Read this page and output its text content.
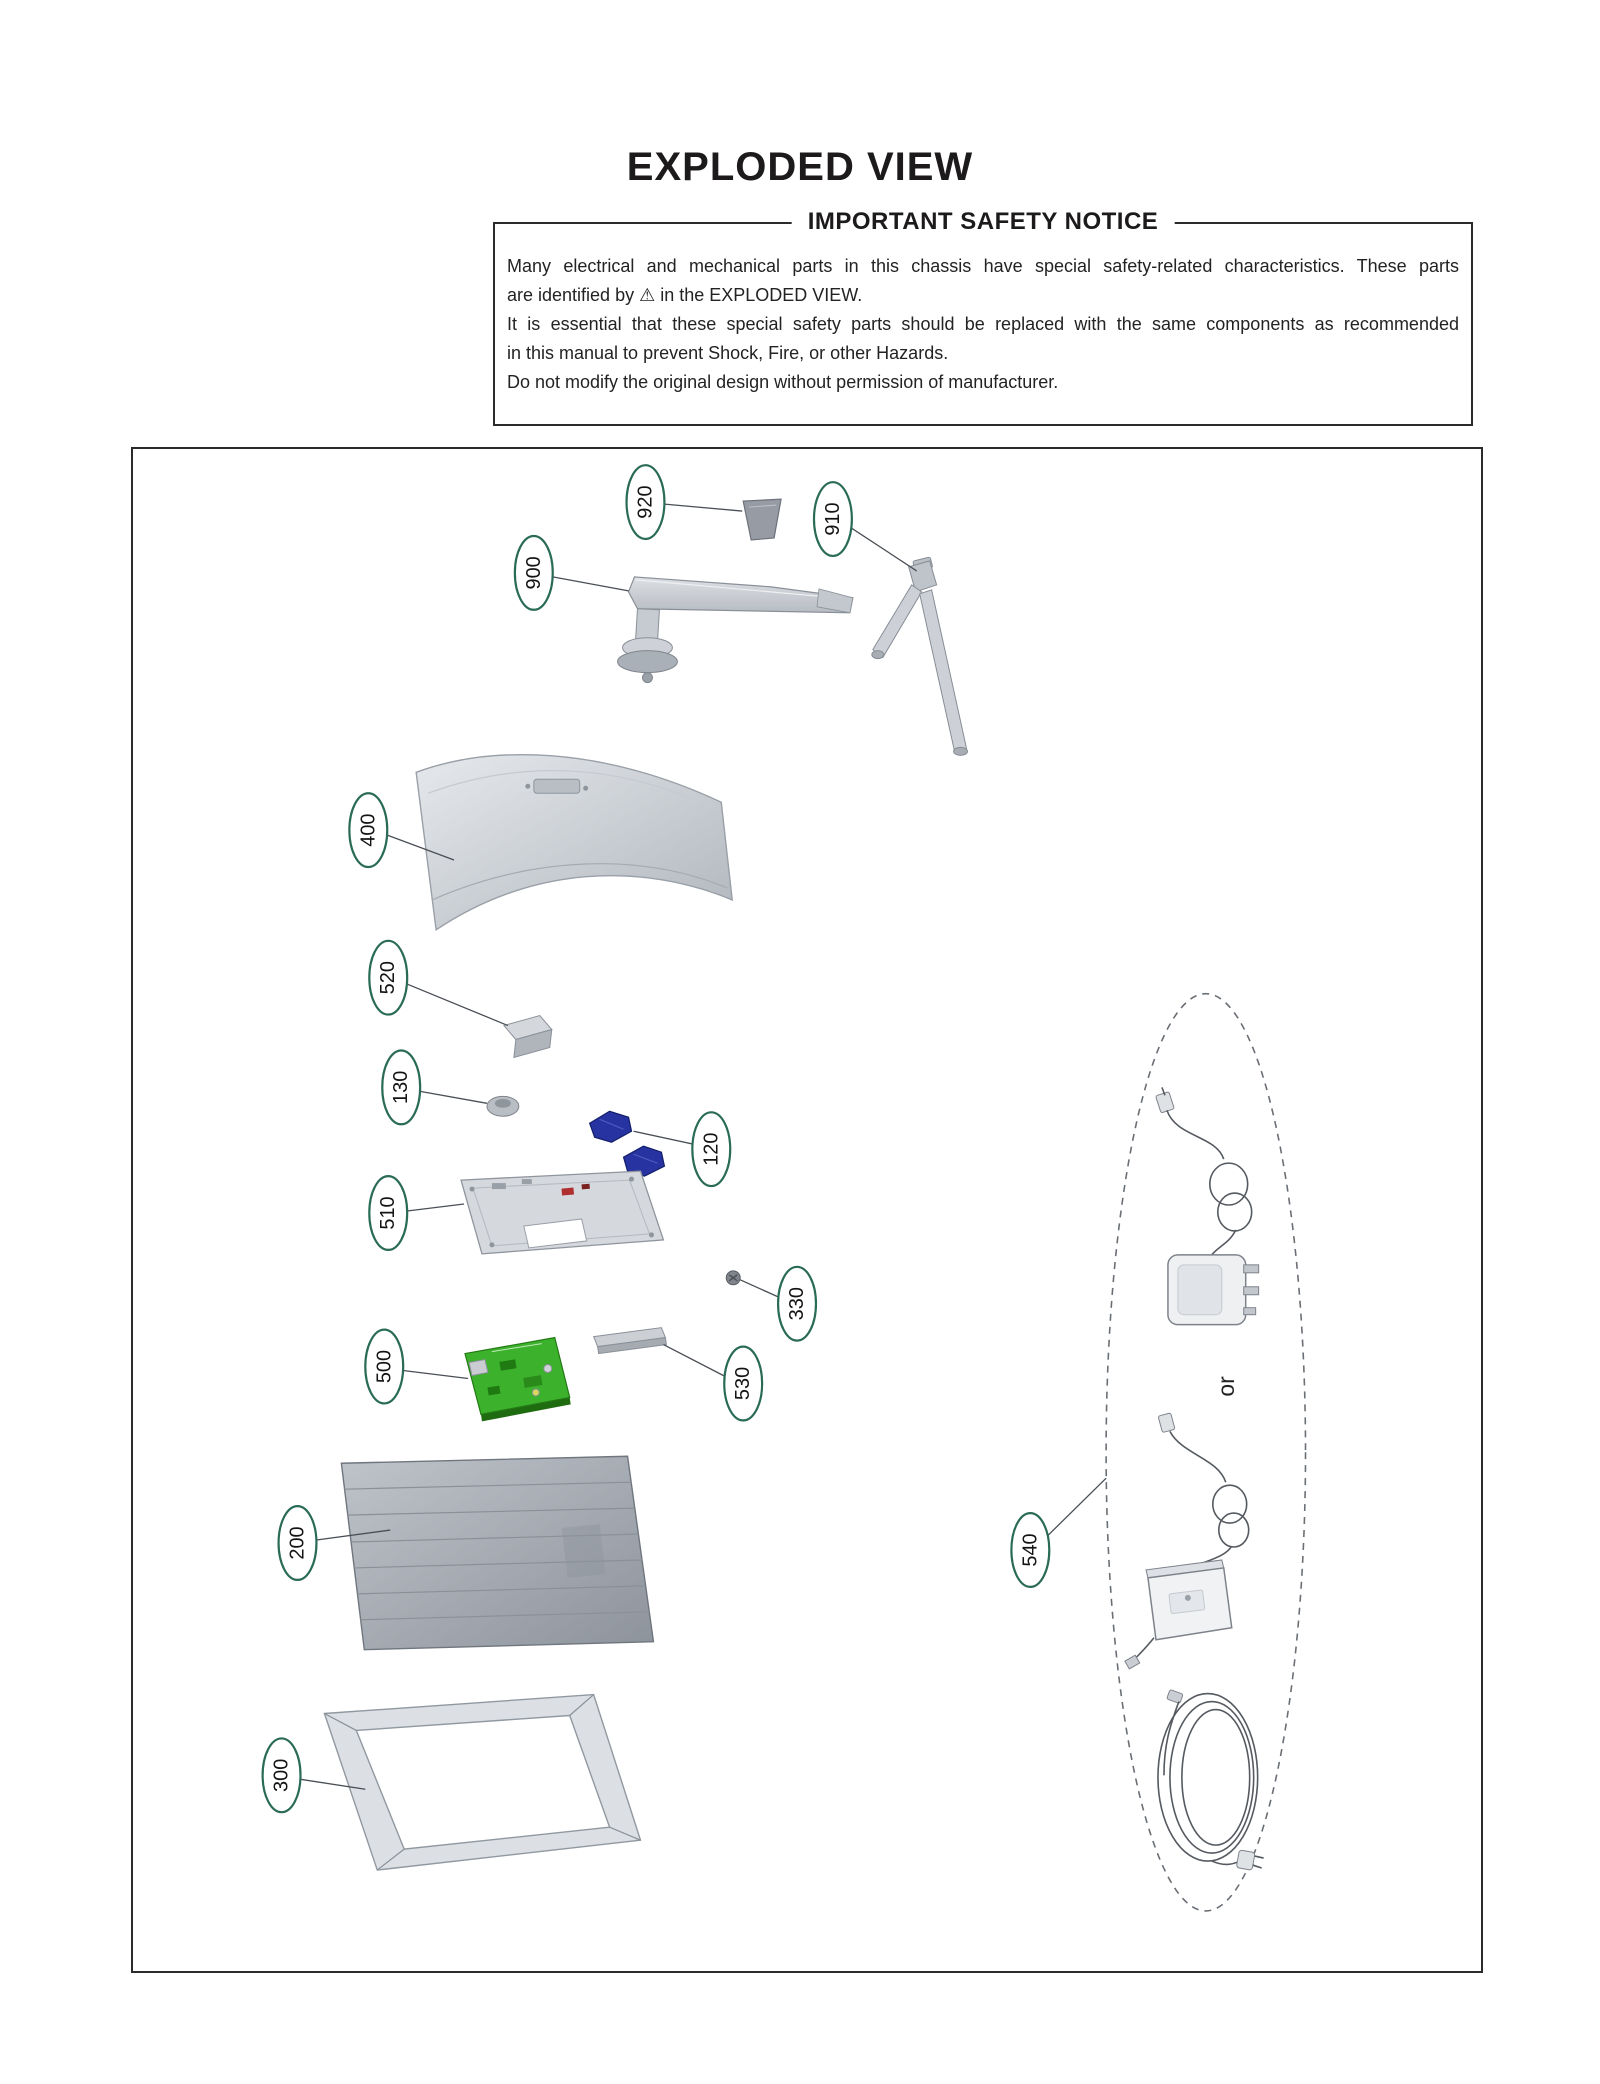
EXPLODED VIEW
IMPORTANT SAFETY NOTICE

Many electrical and mechanical parts in this chassis have special safety-related characteristics. These parts

are identified by ⚠ in the EXPLODED VIEW.

It is essential that these special safety parts should be replaced with the same components as recommended

in this manual to prevent Shock, Fire, or other Hazards.

Do not modify the original design without permission of manufacturer.

or
920
910
900
400
520
130
120
510
330
500
530
200
300
540
